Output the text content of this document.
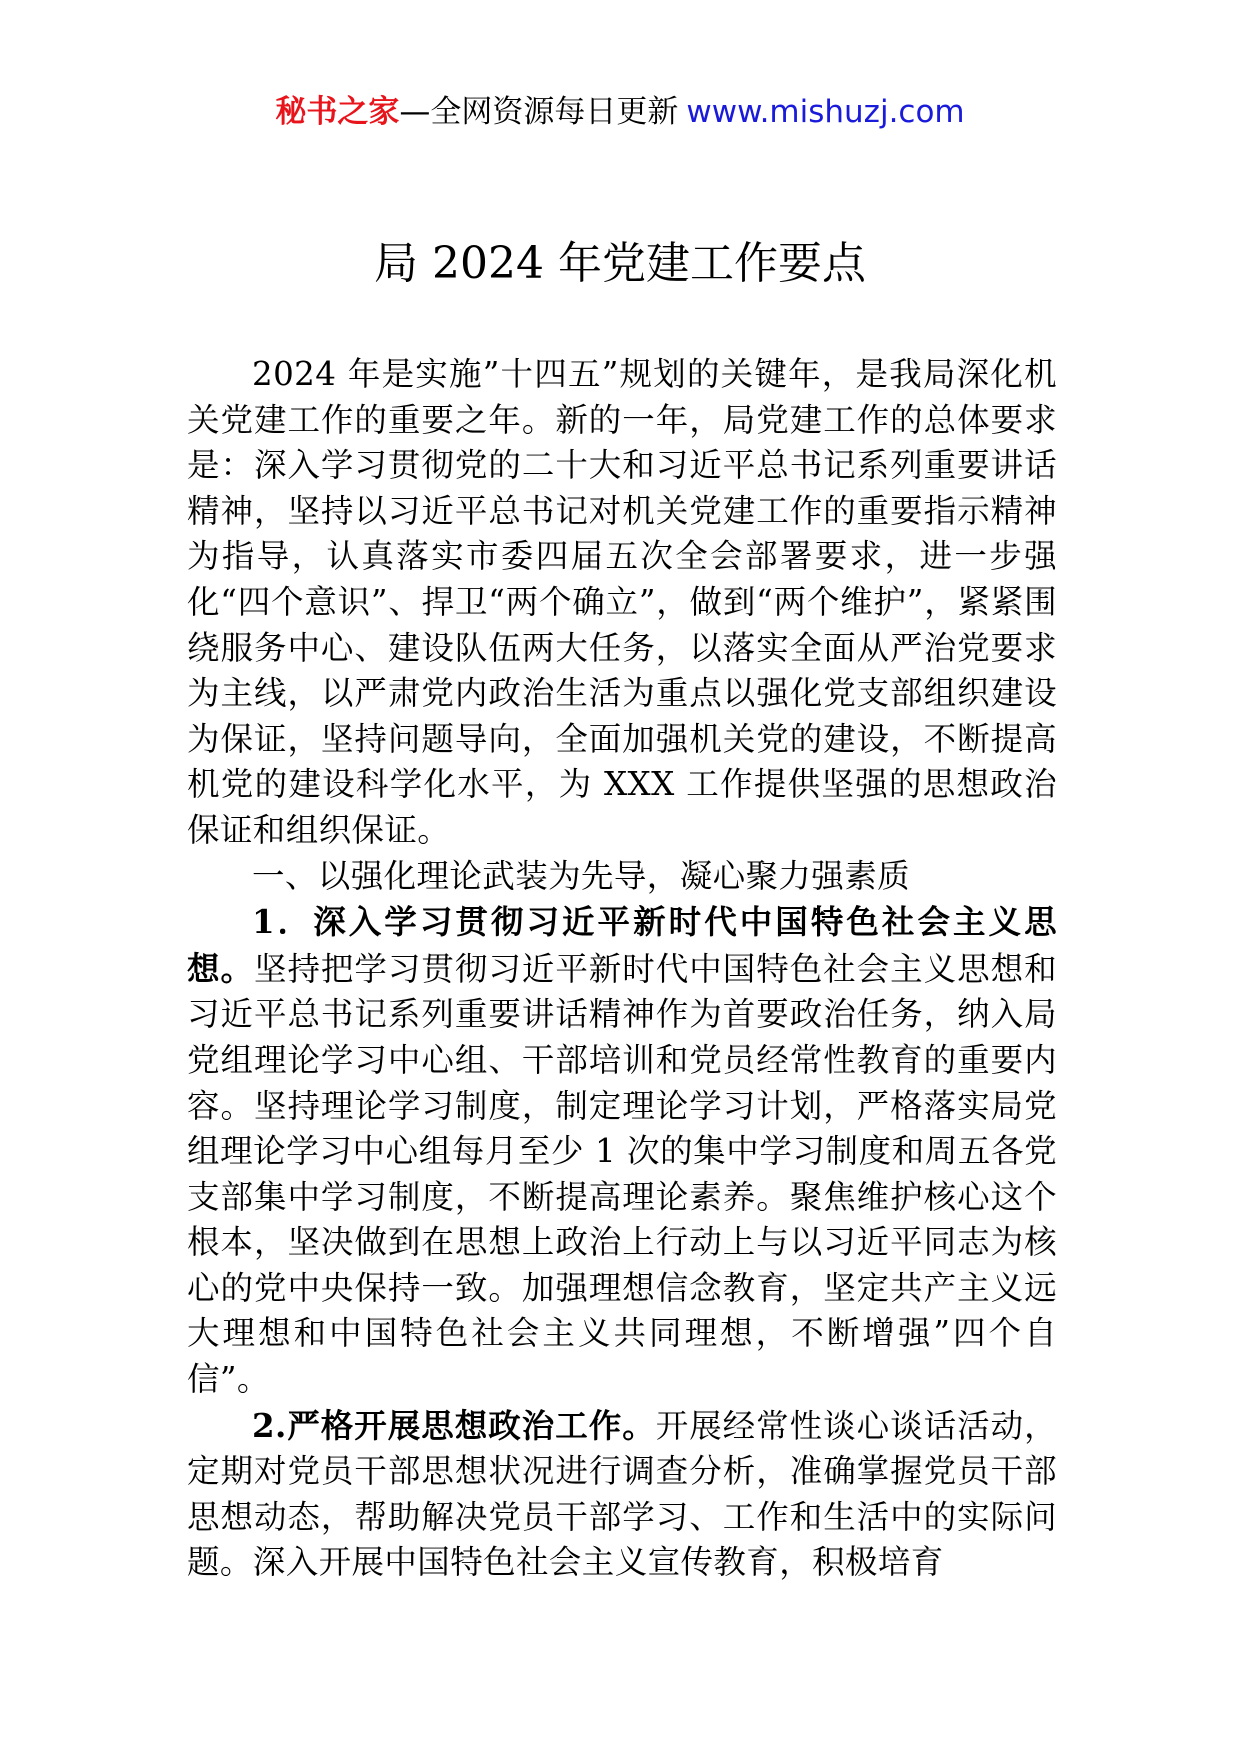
秘书之家—全网资源每日更新 www.mishuzj.com
局 2024 年党建工作要点

2024 年是实施”十四五”规划的关键年，是我局深化机关党建工作的重要之年。新的一年，局党建工作的总体要求是：深入学习贯彻党的二十大和习近平总书记系列重要讲话精神，坚持以习近平总书记对机关党建工作的重要指示精神为指导，认真落实市委四届五次全会部署要求，进一步强化“四个意识”、捍卫“两个确立”，做到“两个维护”，紧紧围绕服务中心、建设队伍两大任务，以落实全面从严治党要求为主线，以严肃党内政治生活为重点以强化党支部组织建设为保证，坚持问题导向，全面加强机关党的建设，不断提高机党的建设科学化水平，为 XXX 工作提供坚强的思想政治保证和组织保证。

一、以强化理论武装为先导，凝心聚力强素质

1．深入学习贯彻习近平新时代中国特色社会主义思想。坚持把学习贯彻习近平新时代中国特色社会主义思想和习近平总书记系列重要讲话精神作为首要政治任务，纳入局党组理论学习中心组、干部培训和党员经常性教育的重要内容。坚持理论学习制度，制定理论学习计划，严格落实局党组理论学习中心组每月至少 1 次的集中学习制度和周五各党支部集中学习制度，不断提高理论素养。聚焦维护核心这个根本，坚决做到在思想上政治上行动上与以习近平同志为核心的党中央保持一致。加强理想信念教育，坚定共产主义远大理想和中国特色社会主义共同理想，不断增强”四个自信”。

2.严格开展思想政治工作。开展经常性谈心谈话活动，定期对党员干部思想状况进行调查分析，准确掌握党员干部思想动态，帮助解决党员干部学习、工作和生活中的实际问题。深入开展中国特色社会主义宣传教育，积极培育
